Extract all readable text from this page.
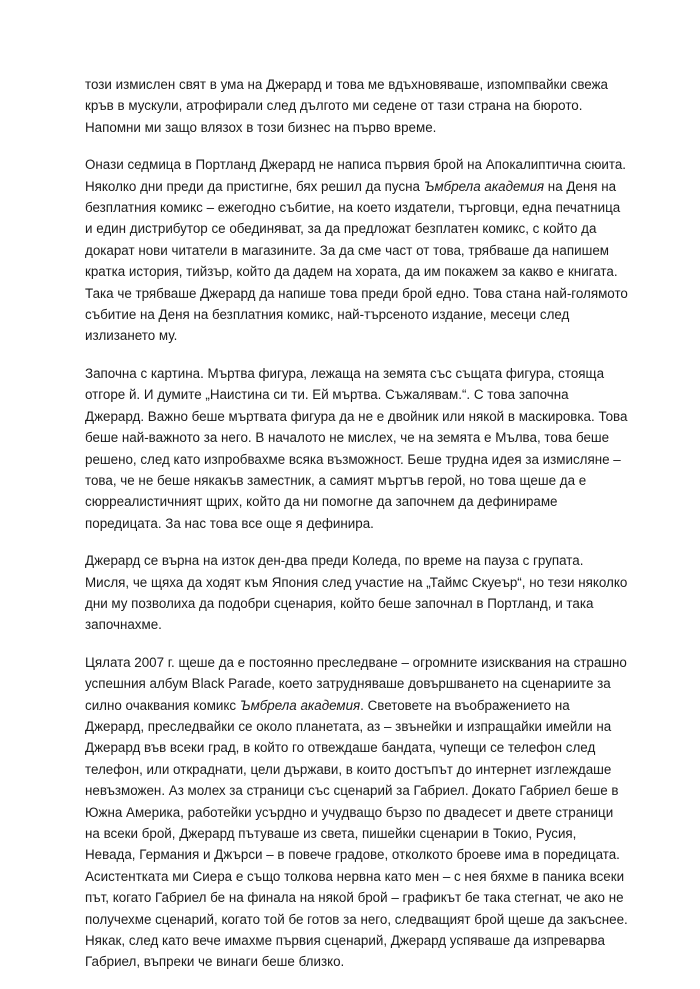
този измислен свят в ума на Джерард и това ме вдъхновяваше, изпомпвайки свежа кръв в мускули, атрофирали след дългото ми седене от тази страна на бюрото. Напомни ми защо влязох в този бизнес на първо време.

Онази седмица в Портланд Джерард не написа първия брой на Апокалиптична сюита. Няколко дни преди да пристигне, бях решил да пусна Ъмбрела академия на Деня на безплатния комикс – ежегодно събитие, на което издатели, търговци, една печатница и един дистрибутор се обединяват, за да предложат безплатен комикс, с който да докарат нови читатели в магазините. За да сме част от това, трябваше да напишем кратка история, тийзър, който да дадем на хората, да им покажем за какво е книгата. Така че трябваше Джерард да напише това преди брой едно. Това стана най-голямото събитие на Деня на безплатния комикс, най-търсеното издание, месеци след излизането му.

Започна с картина. Мъртва фигура, лежаща на земята със същата фигура, стояща отгоре й. И думите „Наистина си ти. Ей мъртва. Съжалявам.“. С това започна Джерард. Важно беше мъртвата фигура да не е двойник или някой в маскировка. Това беше най-важното за него. В началото не мислех, че на земята е Мълва, това беше решено, след като изпробвахме всяка възможност. Беше трудна идея за измисляне – това, че не беше някакъв заместник, а самият мъртъв герой, но това щеше да е сюрреалистичният щрих, който да ни помогне да започнем да дефинираме поредицата. За нас това все още я дефинира.

Джерард се върна на изток ден-два преди Коледа, по време на пауза с групата. Мисля, че щяха да ходят към Япония след участие на „Таймс Скуеър“, но тези няколко дни му позволиха да подобри сценария, който беше започнал в Портланд, и така започнахме.

Цялата 2007 г. щеше да е постоянно преследване – огромните изисквания на страшно успешния албум Black Parade, което затрудняваше довършването на сценариите за силно очаквания комикс Ъмбрела академия. Световете на въображението на Джерард, преследвайки се около планетата, аз – звънейки и изпращайки имейли на Джерард във всеки град, в който го отвеждаше бандата, чупещи се телефон след телефон, или откраднати, цели държави, в които достъпът до интернет изглеждаше невъзможен. Аз молех за страници със сценарий за Габриел. Докато Габриел беше в Южна Америка, работейки усърдно и учудващо бързо по двадесет и двете страници на всеки брой, Джерард пътуваше из света, пишейки сценарии в Токио, Русия, Невада, Германия и Джърси – в повече градове, отколкото броеве има в поредицата. Асистентката ми Сиера е също толкова нервна като мен – с нея бяхме в паника всеки път, когато Габриел бе на финала на някой брой – графикът бе така стегнат, че ако не получехме сценарий, когато той бе готов за него, следващият брой щеше да закъснее. Някак, след като вече имахме първия сценарий, Джерард успяваше да изпреварва Габриел, въпреки че винаги беше близко.
